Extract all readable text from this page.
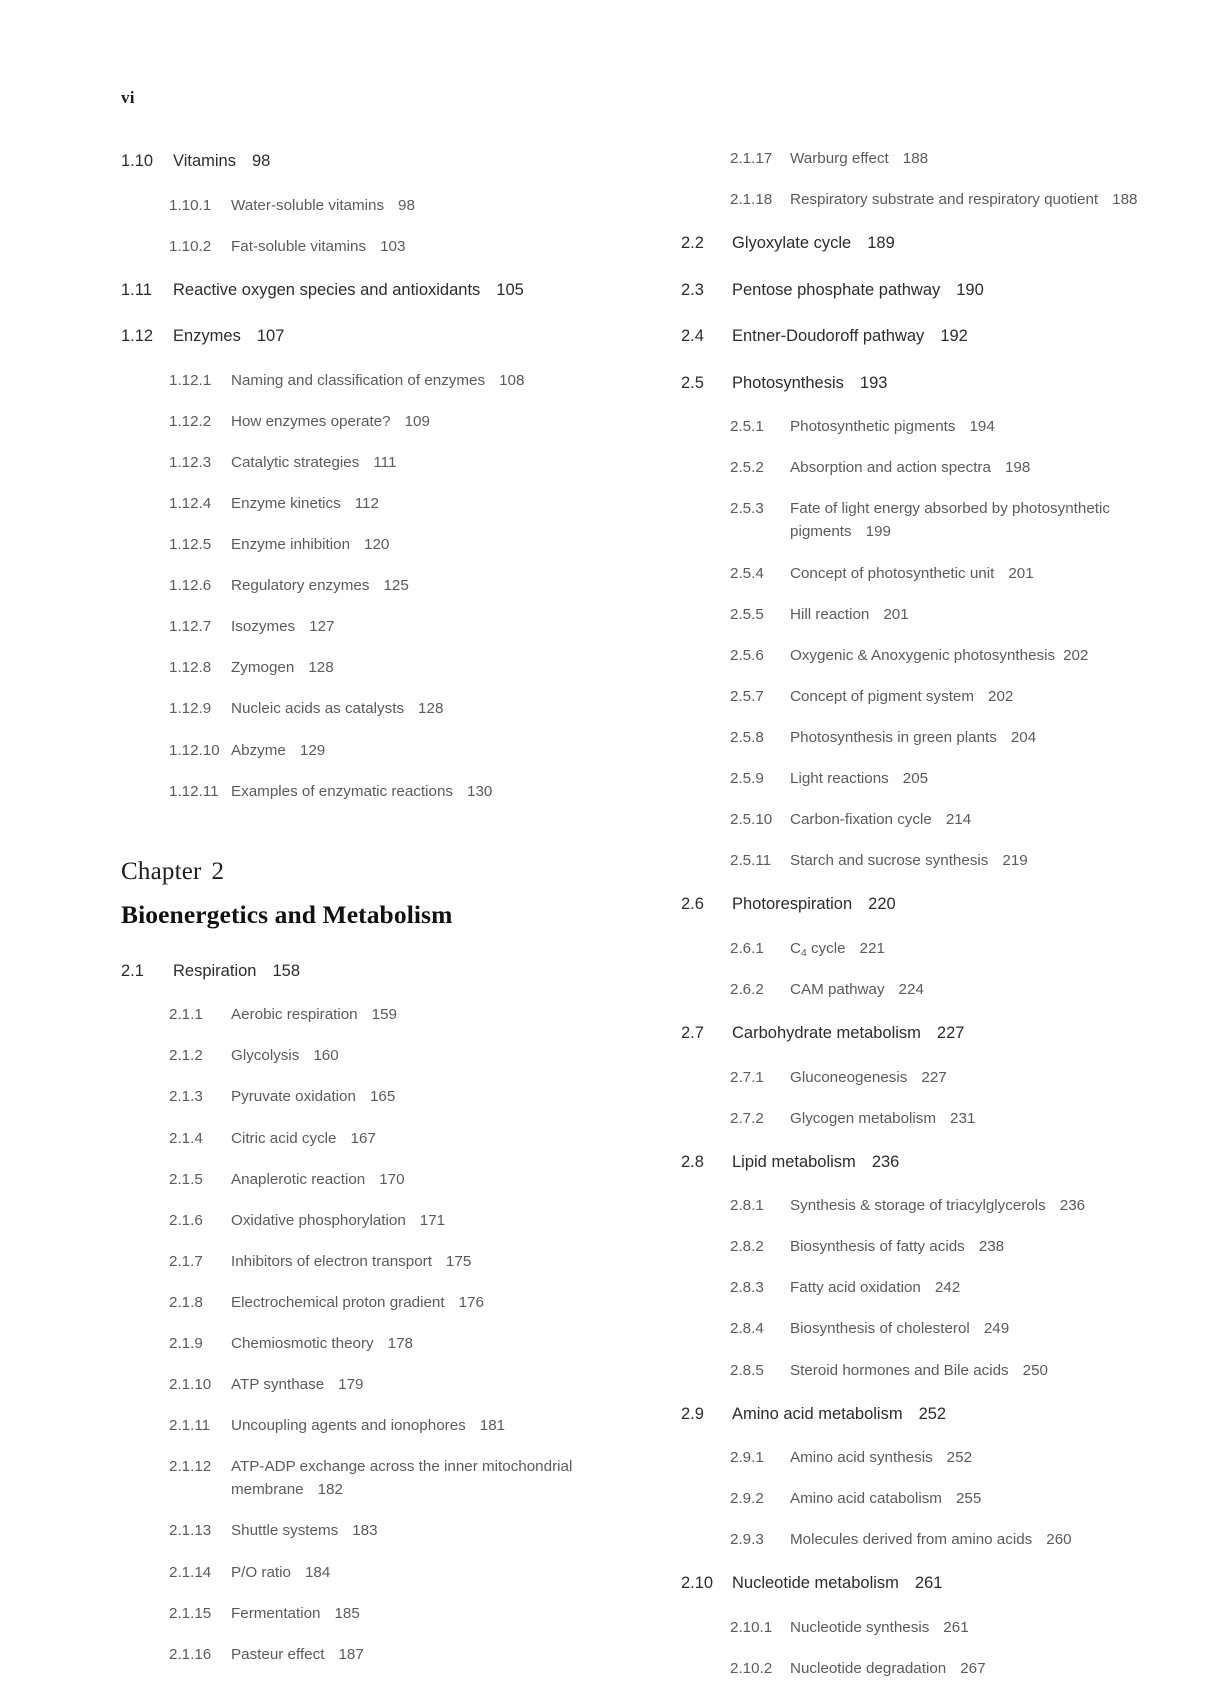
vi
1.10	Vitamins 98
1.10.1	Water-soluble vitamins 98
1.10.2	Fat-soluble vitamins 103
1.11	Reactive oxygen species and antioxidants 105
1.12	Enzymes 107
1.12.1	Naming and classification of enzymes 108
1.12.2	How enzymes operate? 109
1.12.3	Catalytic strategies 111
1.12.4	Enzyme kinetics 112
1.12.5	Enzyme inhibition 120
1.12.6	Regulatory enzymes 125
1.12.7	Isozymes 127
1.12.8	Zymogen 128
1.12.9	Nucleic acids as catalysts 128
1.12.10 Abzyme 129
1.12.11 Examples of enzymatic reactions 130
Chapter 2
Bioenergetics and Metabolism
2.1	Respiration 158
2.1.1	Aerobic respiration 159
2.1.2	Glycolysis 160
2.1.3	Pyruvate oxidation 165
2.1.4	Citric acid cycle 167
2.1.5	Anaplerotic reaction 170
2.1.6	Oxidative phosphorylation 171
2.1.7	Inhibitors of electron transport 175
2.1.8	Electrochemical proton gradient 176
2.1.9	Chemiosmotic theory 178
2.1.10	ATP synthase 179
2.1.11	Uncoupling agents and ionophores 181
2.1.12	ATP-ADP exchange across the inner mitochondrial membrane 182
2.1.13	Shuttle systems 183
2.1.14	P/O ratio 184
2.1.15	Fermentation 185
2.1.16	Pasteur effect 187
2.1.17	Warburg effect 188
2.1.18	Respiratory substrate and respiratory quotient 188
2.2	Glyoxylate cycle 189
2.3	Pentose phosphate pathway 190
2.4	Entner-Doudoroff pathway 192
2.5	Photosynthesis 193
2.5.1	Photosynthetic pigments 194
2.5.2	Absorption and action spectra 198
2.5.3	Fate of light energy absorbed by photosynthetic pigments 199
2.5.4	Concept of photosynthetic unit 201
2.5.5	Hill reaction 201
2.5.6	Oxygenic & Anoxygenic photosynthesis 202
2.5.7	Concept of pigment system 202
2.5.8	Photosynthesis in green plants 204
2.5.9	Light reactions 205
2.5.10	Carbon-fixation cycle 214
2.5.11	Starch and sucrose synthesis 219
2.6	Photorespiration 220
2.6.1	$C_4$ cycle 221
2.6.2	CAM pathway 224
2.7	Carbohydrate metabolism 227
2.7.1	Gluconeogenesis 227
2.7.2	Glycogen metabolism 231
2.8	Lipid metabolism 236
2.8.1	Synthesis & storage of triacylglycerols 236
2.8.2	Biosynthesis of fatty acids 238
2.8.3	Fatty acid oxidation 242
2.8.4	Biosynthesis of cholesterol 249
2.8.5	Steroid hormones and Bile acids 250
2.9	Amino acid metabolism 252
2.9.1	Amino acid synthesis 252
2.9.2	Amino acid catabolism 255
2.9.3	Molecules derived from amino acids 260
2.10	Nucleotide metabolism 261
2.10.1	Nucleotide synthesis 261
2.10.2	Nucleotide degradation 267
